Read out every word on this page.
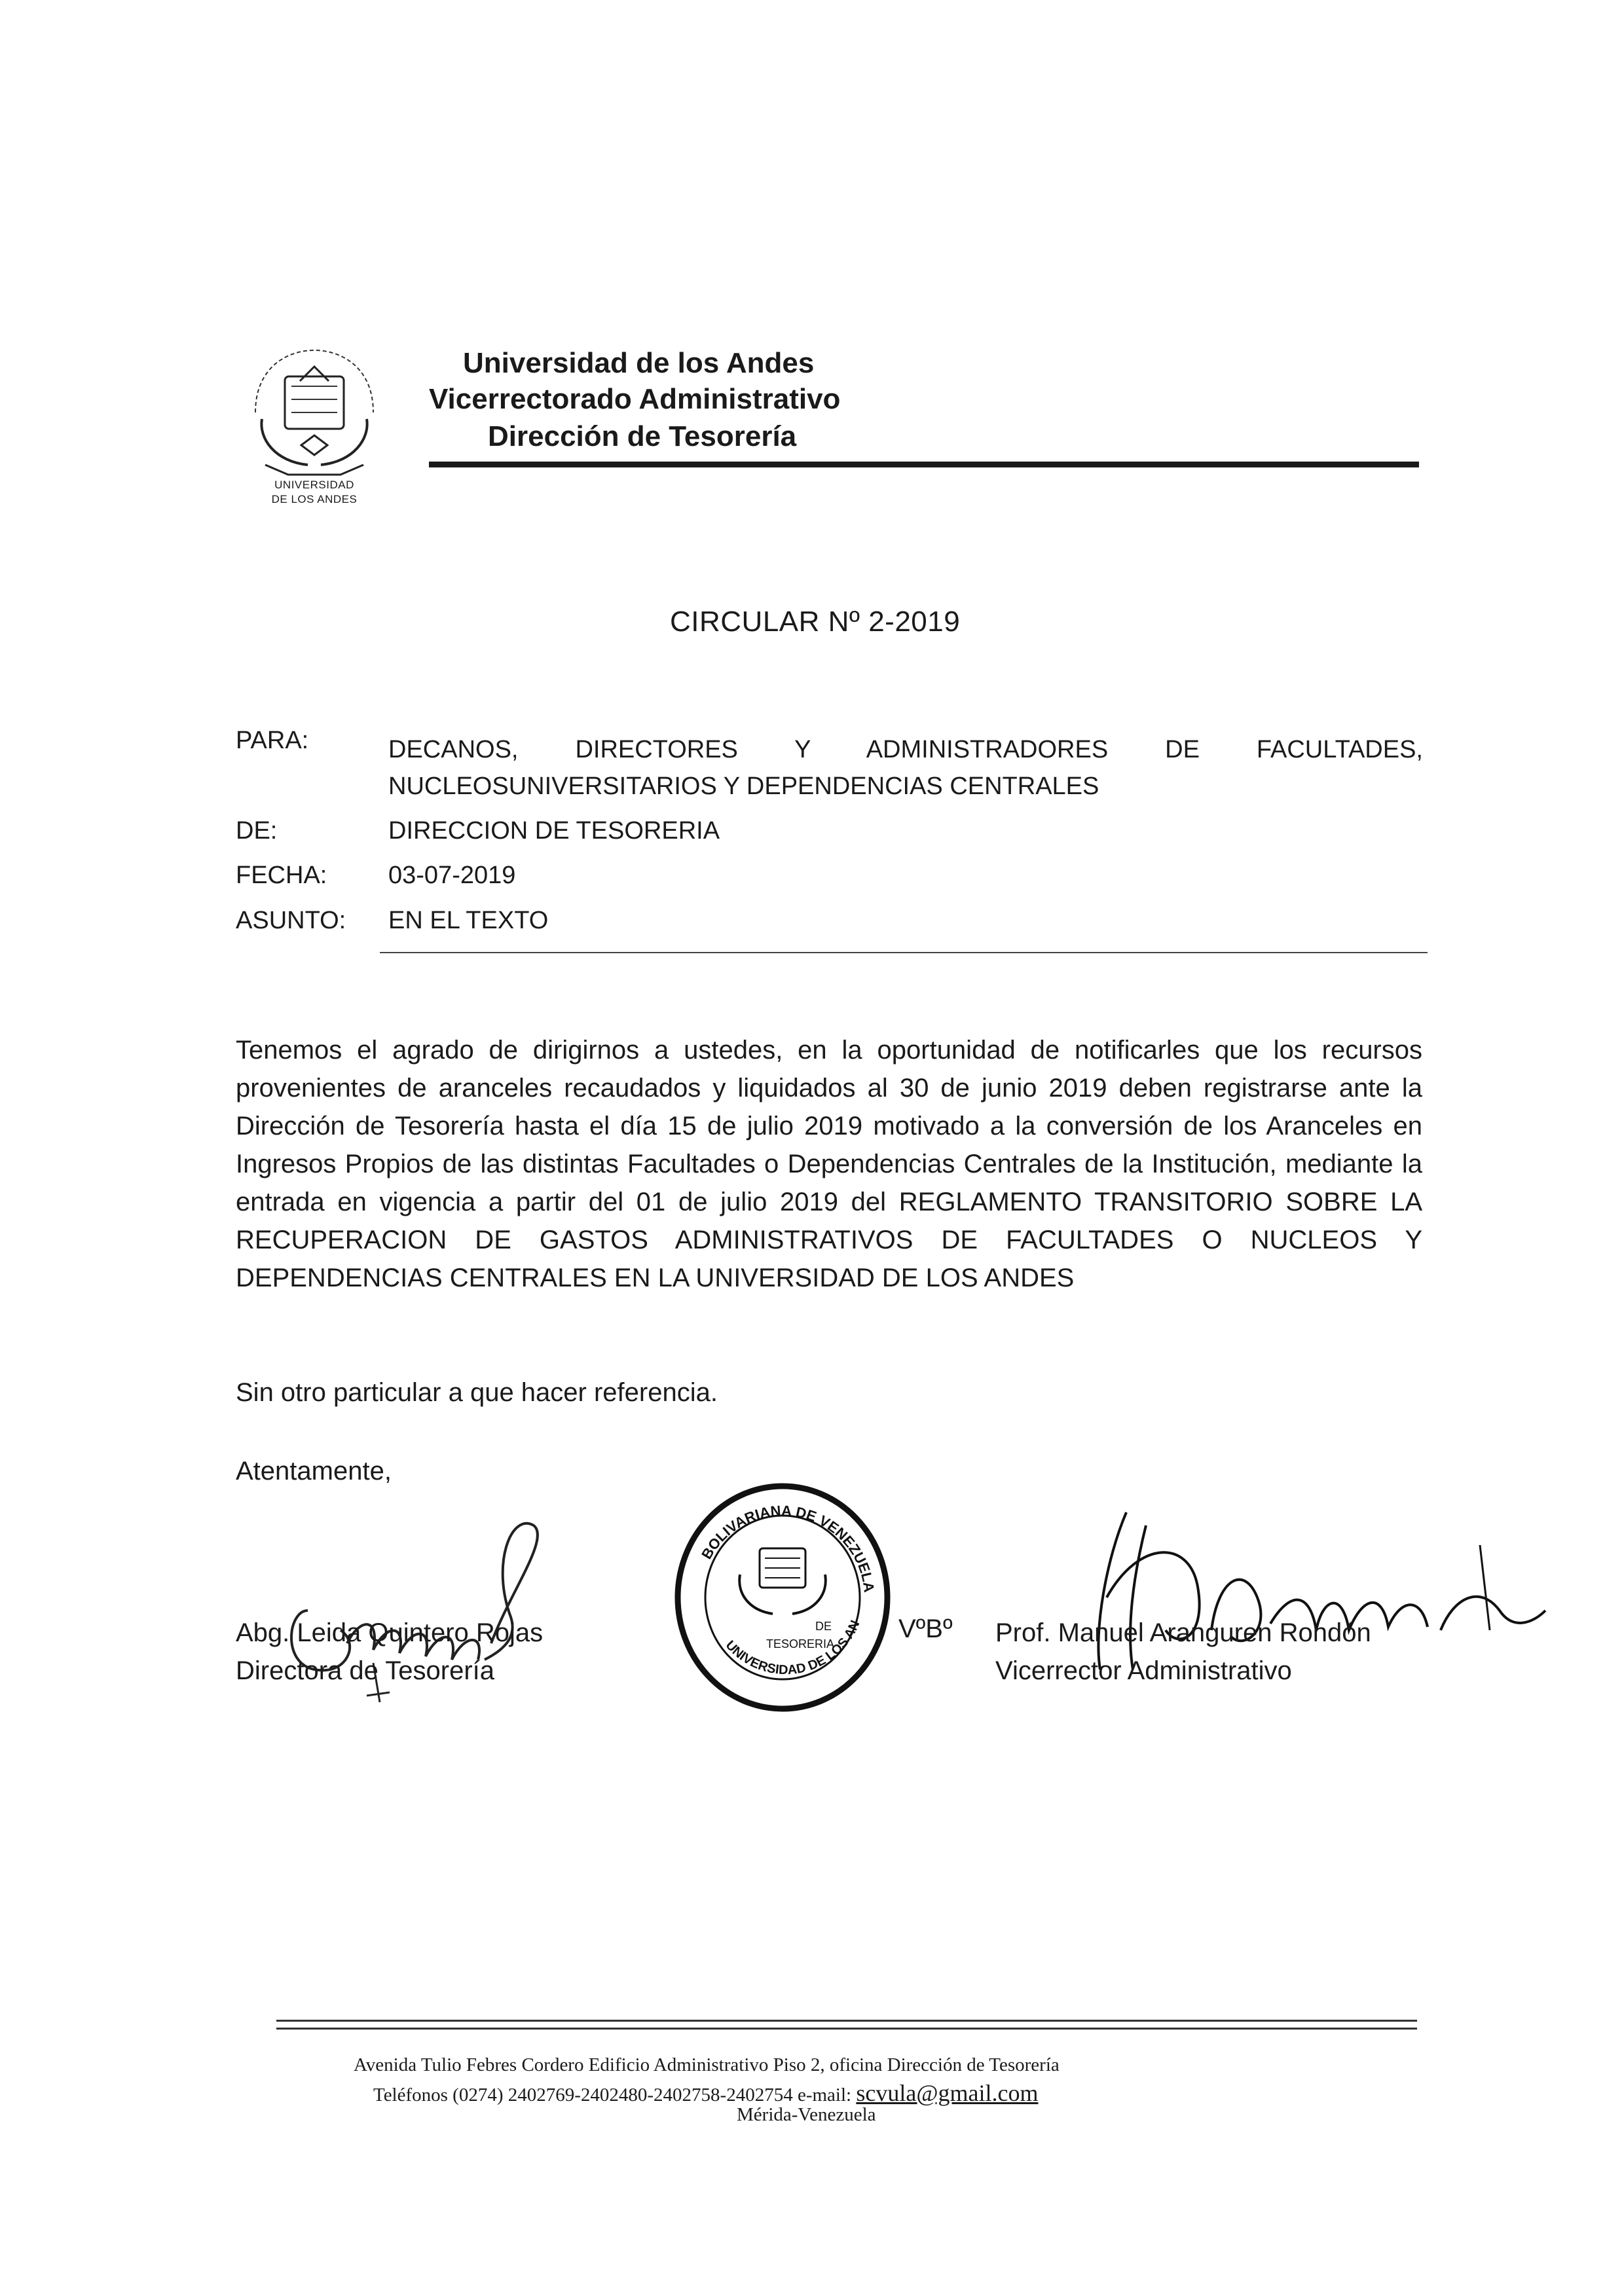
UNIVERSIDAD
DE LOS ANDES
Universidad de los Andes
Vicerrectorado Administrativo
Dirección de Tesorería
CIRCULAR Nº 2-2019
PARA:	DECANOS, DIRECTORES Y ADMINISTRADORES DE FACULTADES,
NUCLEOSUNIVERSITARIOS Y DEPENDENCIAS CENTRALES
DE:	DIRECCION DE TESORERIA
FECHA: 03-07-2019
ASUNTO: EN EL TEXTO
Tenemos el agrado de dirigirnos a ustedes, en la oportunidad de notificarles que los recursos provenientes de aranceles recaudados y liquidados al 30 de junio 2019 deben registrarse ante la Dirección de Tesorería hasta el día 15 de julio 2019 motivado a la conversión de los Aranceles en Ingresos Propios de las distintas Facultades o Dependencias Centrales de la Institución, mediante la entrada en vigencia a partir del 01 de julio 2019 del REGLAMENTO TRANSITORIO SOBRE LA RECUPERACION DE GASTOS ADMINISTRATIVOS DE FACULTADES O NUCLEOS Y DEPENDENCIAS CENTRALES EN LA UNIVERSIDAD DE LOS ANDES
Sin otro particular a que hacer referencia.
Atentamente,
Abg. Leida Quintero Rojas
Directora de Tesorería
BOLIVARIANA DE VENEZUELA
UNIVERSIDAD DE LOS AN
DE
TESORERIA
VºBº Prof. Manuel Aranguren Rondón
Vicerrector Administrativo
Avenida Tulio Febres Cordero Edificio Administrativo Piso 2, oficina Dirección de Tesorería
Teléfonos (0274) 2402769-2402480-2402758-2402754 e-mail: scvula@gmail.com
Mérida-Venezuela
